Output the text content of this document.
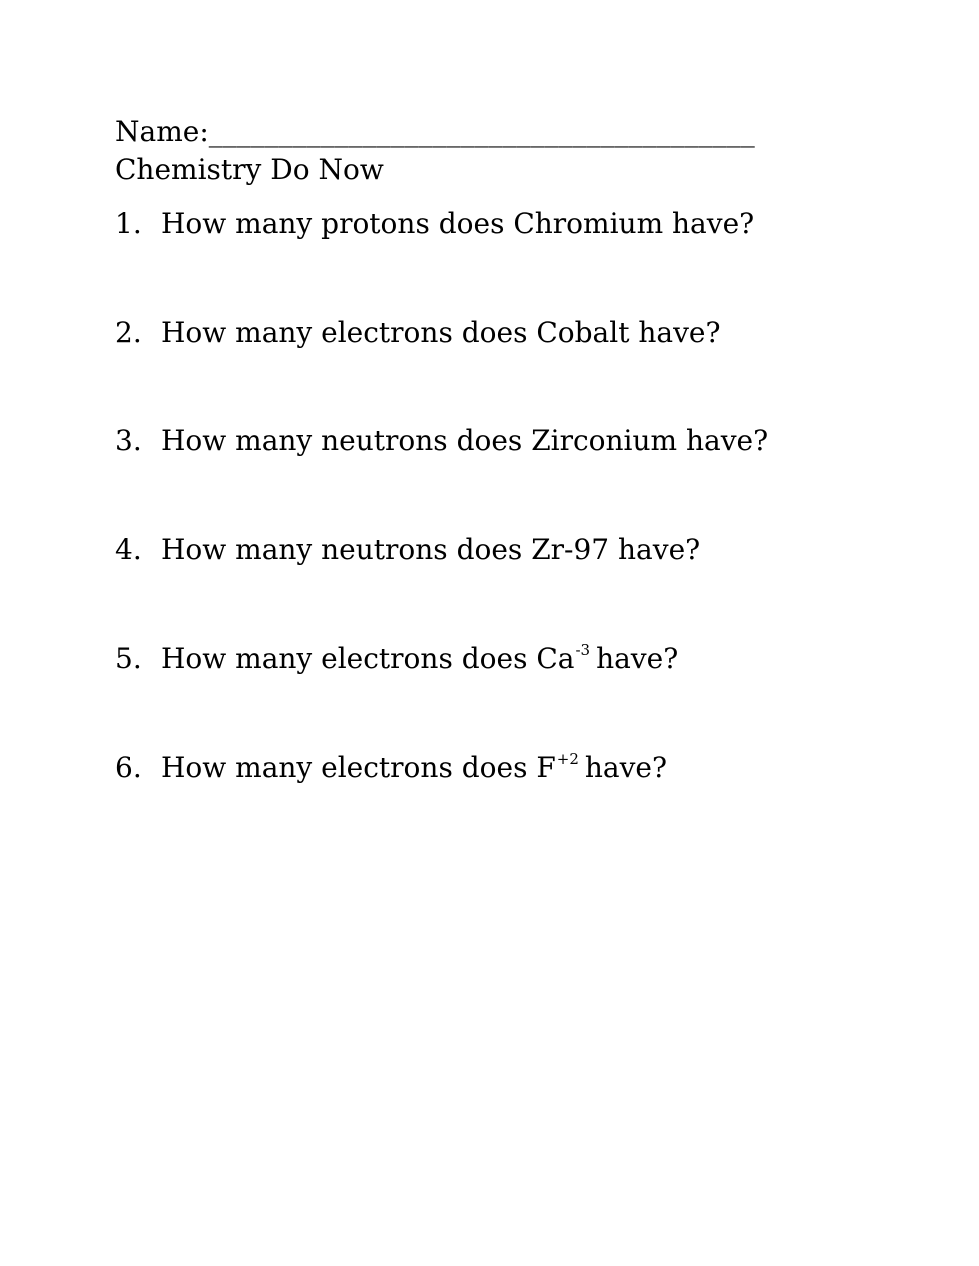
Name:_______________________________________
Chemistry Do Now
1. How many protons does Chromium have?
2. How many electrons does Cobalt have?
3. How many neutrons does Zirconium have?
4. How many neutrons does Zr-97 have?
5. How many electrons does $Ca^{-3}$ have?
6. How many electrons does $F^{+2}$ have?
